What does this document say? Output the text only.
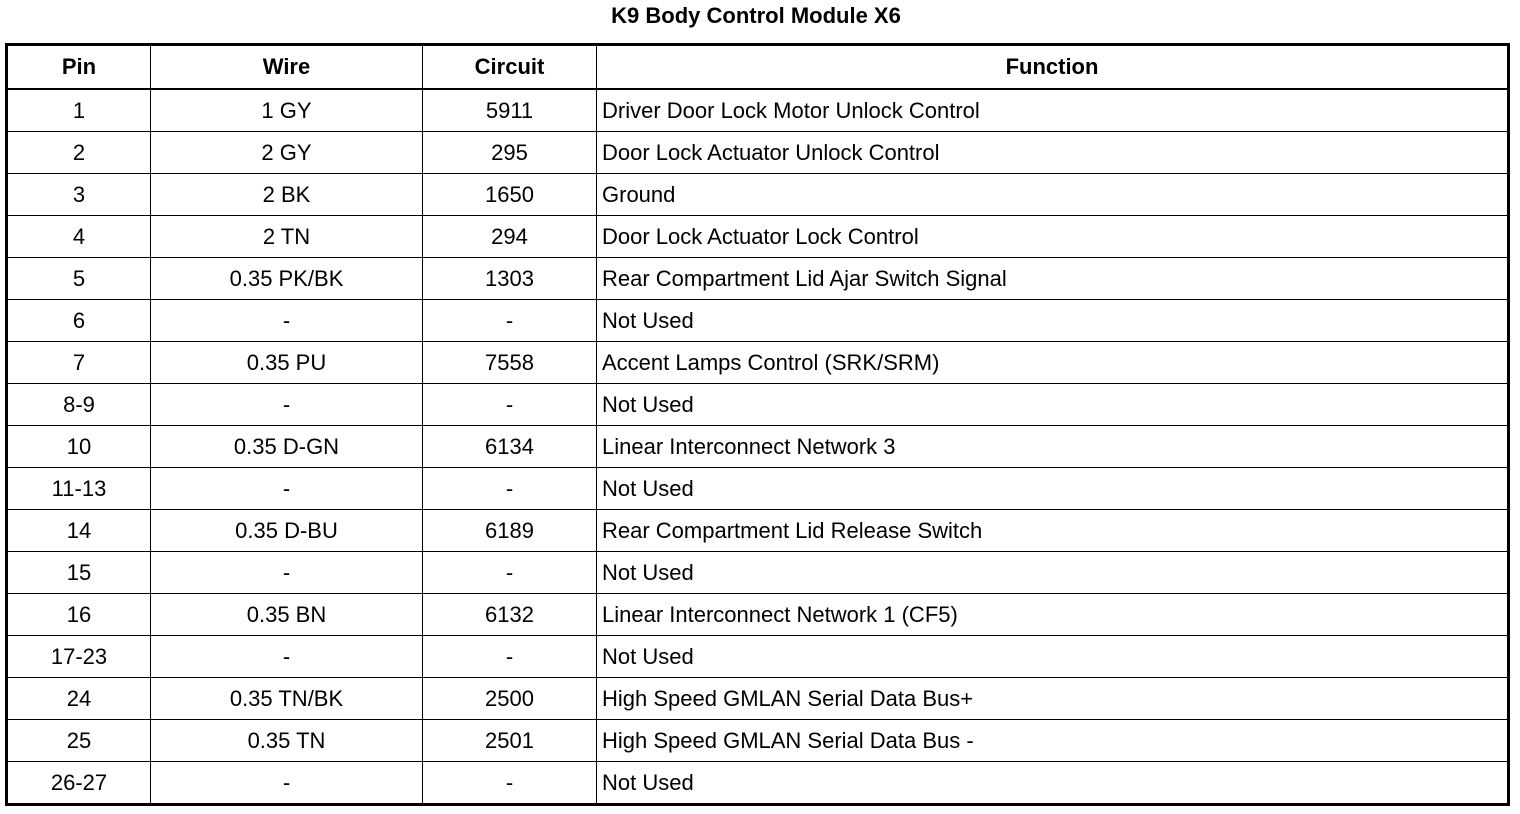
K9 Body Control Module X6
Pin	Wire	Circuit	Function
1	1 GY	5911	Driver Door Lock Motor Unlock Control
2	2 GY	295	Door Lock Actuator Unlock Control
3	2 BK	1650	Ground
4	2 TN	294	Door Lock Actuator Lock Control
5	0.35 PK/BK	1303	Rear Compartment Lid Ajar Switch Signal
6	-	-	Not Used
7	0.35 PU	7558	Accent Lamps Control (SRK/SRM)
8-9	-	-	Not Used
10	0.35 D-GN	6134	Linear Interconnect Network 3
11-13	-	-	Not Used
14	0.35 D-BU	6189	Rear Compartment Lid Release Switch
15	-	-	Not Used
16	0.35 BN	6132	Linear Interconnect Network 1 (CF5)
17-23	-	-	Not Used
24	0.35 TN/BK	2500	High Speed GMLAN Serial Data Bus+
25	0.35 TN	2501	High Speed GMLAN Serial Data Bus -
26-27	-	-	Not Used
